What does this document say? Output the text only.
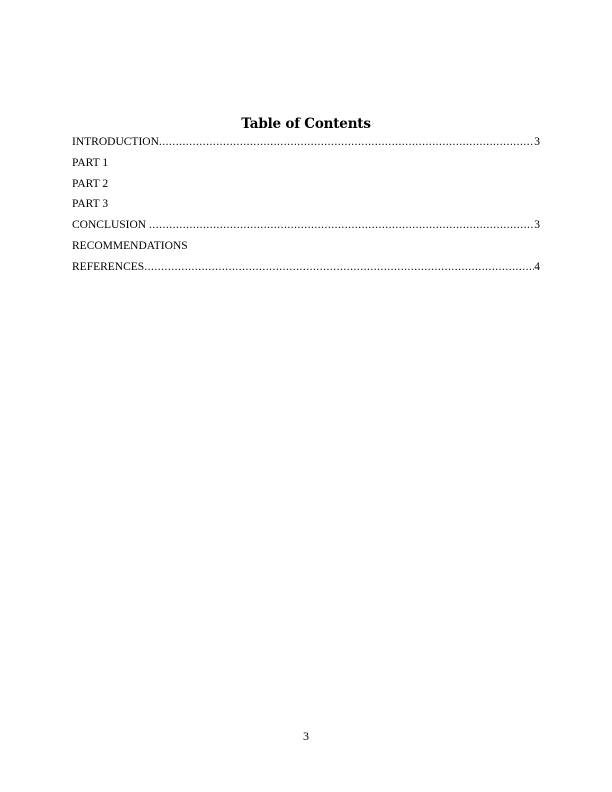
Table of Contents
INTRODUCTION .....	3
PART 1
PART 2
PART 3
CONCLUSION .....	3
RECOMMENDATIONS
REFERENCES .....	4
3
